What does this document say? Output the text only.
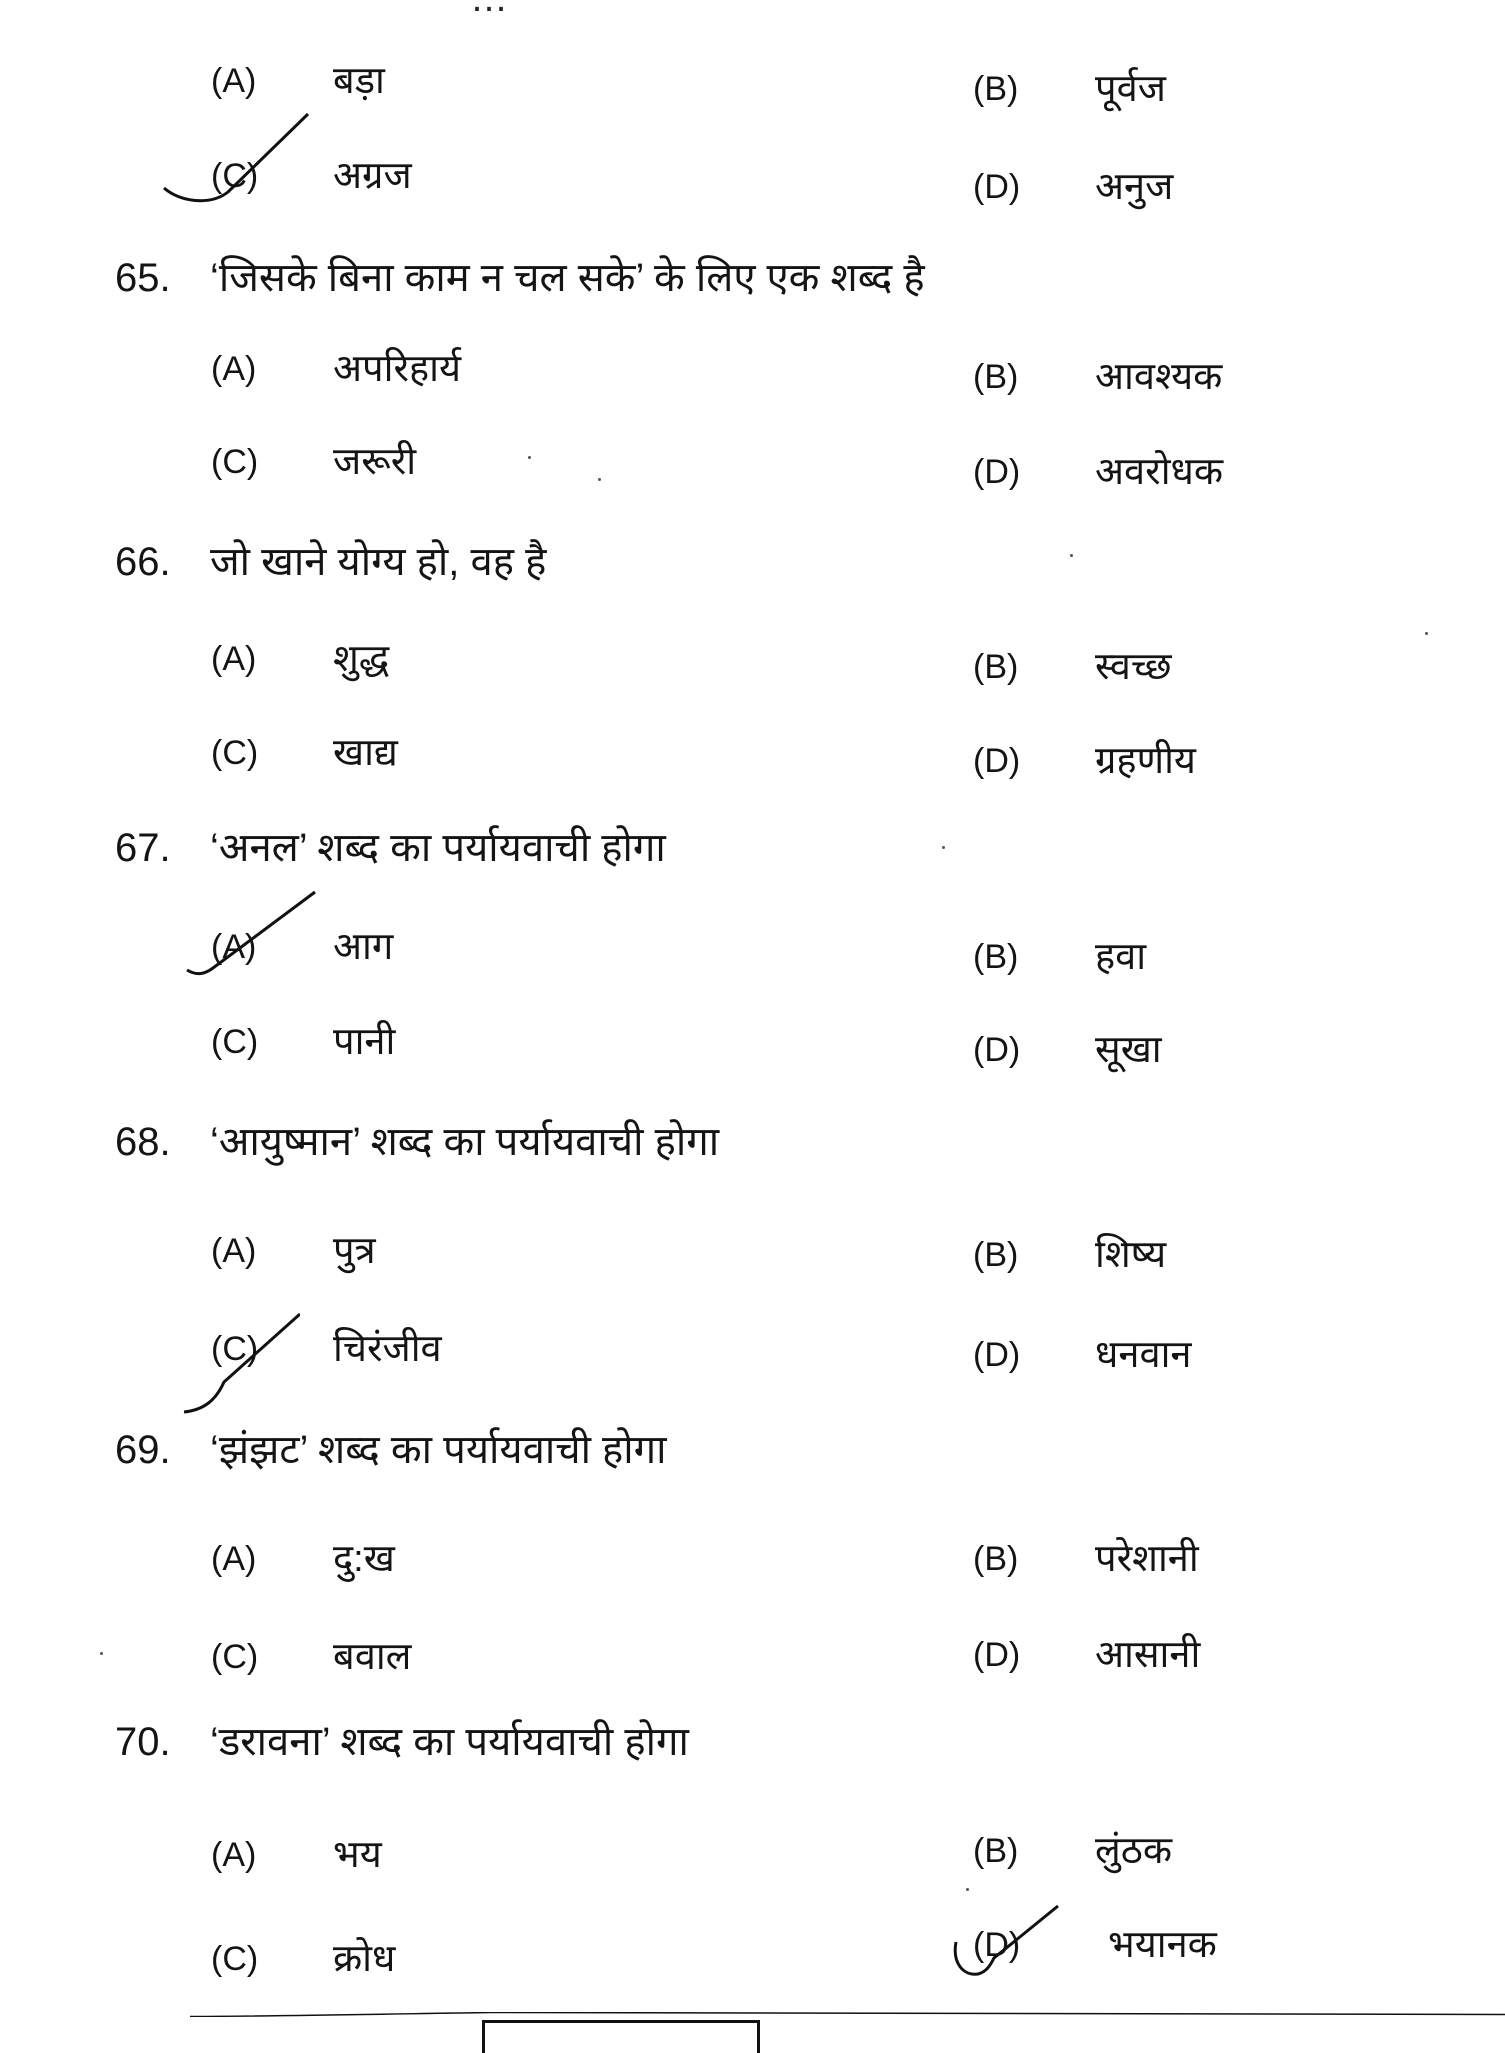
(A) बड़ा	(B) पूर्वज
(C) अग्रज	(D) अनुज
65. ‘जिसके बिना काम न चल सके’ के लिए एक शब्द है
(A) अपरिहार्य	(B) आवश्यक
(C) जरूरी	(D) अवरोधक
66. जो खाने योग्य हो, वह है
(A) शुद्ध	(B) स्वच्छ
(C) खाद्य	(D) ग्रहणीय
67. ‘अनल’ शब्द का पर्यायवाची होगा
(A) आग	(B) हवा
(C) पानी	(D) सूखा
68. ‘आयुष्मान’ शब्द का पर्यायवाची होगा
(A) पुत्र	(B) शिष्य
(C) चिरंजीव	(D) धनवान
69. ‘झंझट’ शब्द का पर्यायवाची होगा
(A) दु:ख	(B) परेशानी
(C) बवाल	(D) आसानी
70. ‘डरावना’ शब्द का पर्यायवाची होगा
(A) भय	(B) लुंठक
(C) क्रोध	(D) भयानक
